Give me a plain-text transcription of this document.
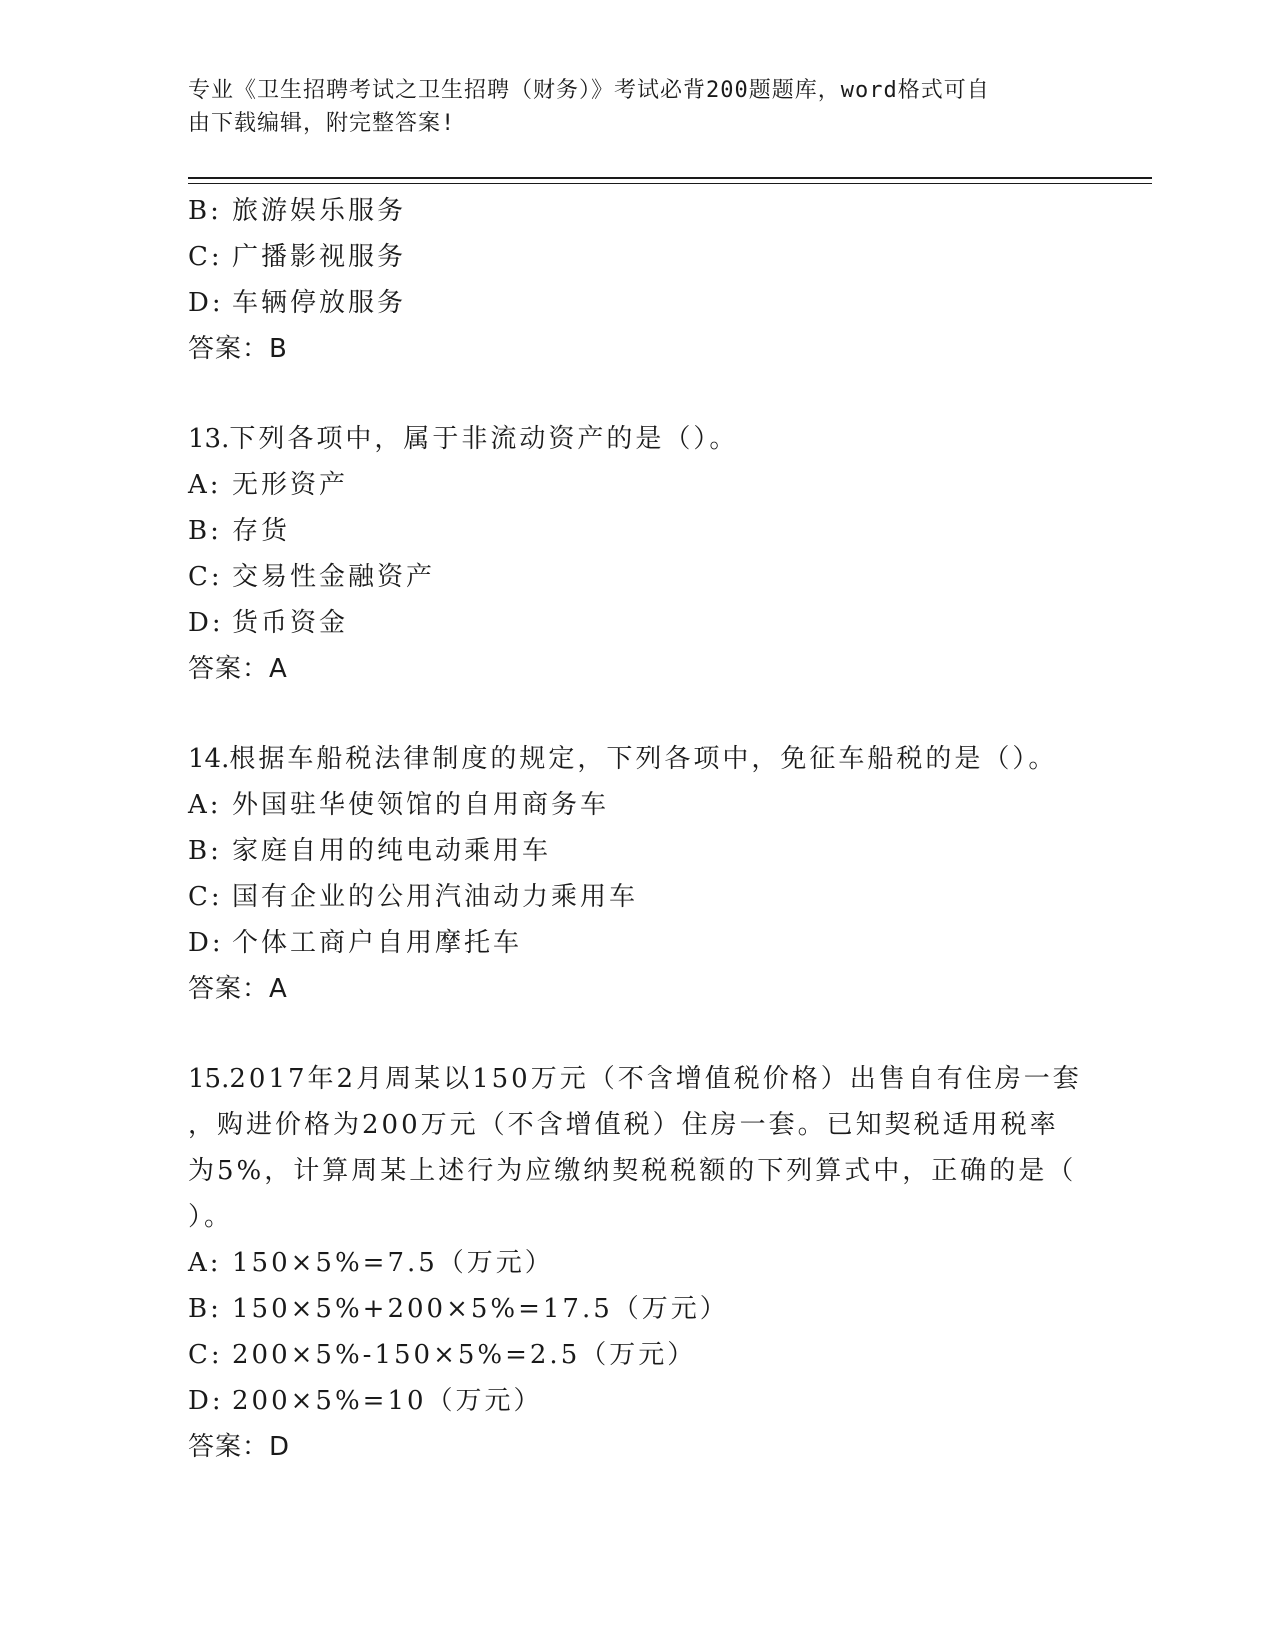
专业《卫生招聘考试之卫生招聘（财务）》考试必背200题题库，word格式可自
由下载编辑，附完整答案!
B: 旅游娱乐服务
C: 广播影视服务
D: 车辆停放服务
答案：B
13.下列各项中，属于非流动资产的是（）。
A: 无形资产
B: 存货
C: 交易性金融资产
D: 货币资金
答案：A
14.根据车船税法律制度的规定，下列各项中，免征车船税的是（）。
A: 外国驻华使领馆的自用商务车
B: 家庭自用的纯电动乘用车
C: 国有企业的公用汽油动力乘用车
D: 个体工商户自用摩托车
答案：A
15.2017年2月周某以150万元（不含增值税价格）出售自有住房一套
，购进价格为200万元（不含增值税）住房一套。已知契税适用税率
为5%，计算周某上述行为应缴纳契税税额的下列算式中，正确的是（
）。
A: 150×5%=7.5（万元）
B: 150×5%+200×5%=17.5（万元）
C: 200×5%-150×5%=2.5（万元）
D: 200×5%=10（万元）
答案：D
